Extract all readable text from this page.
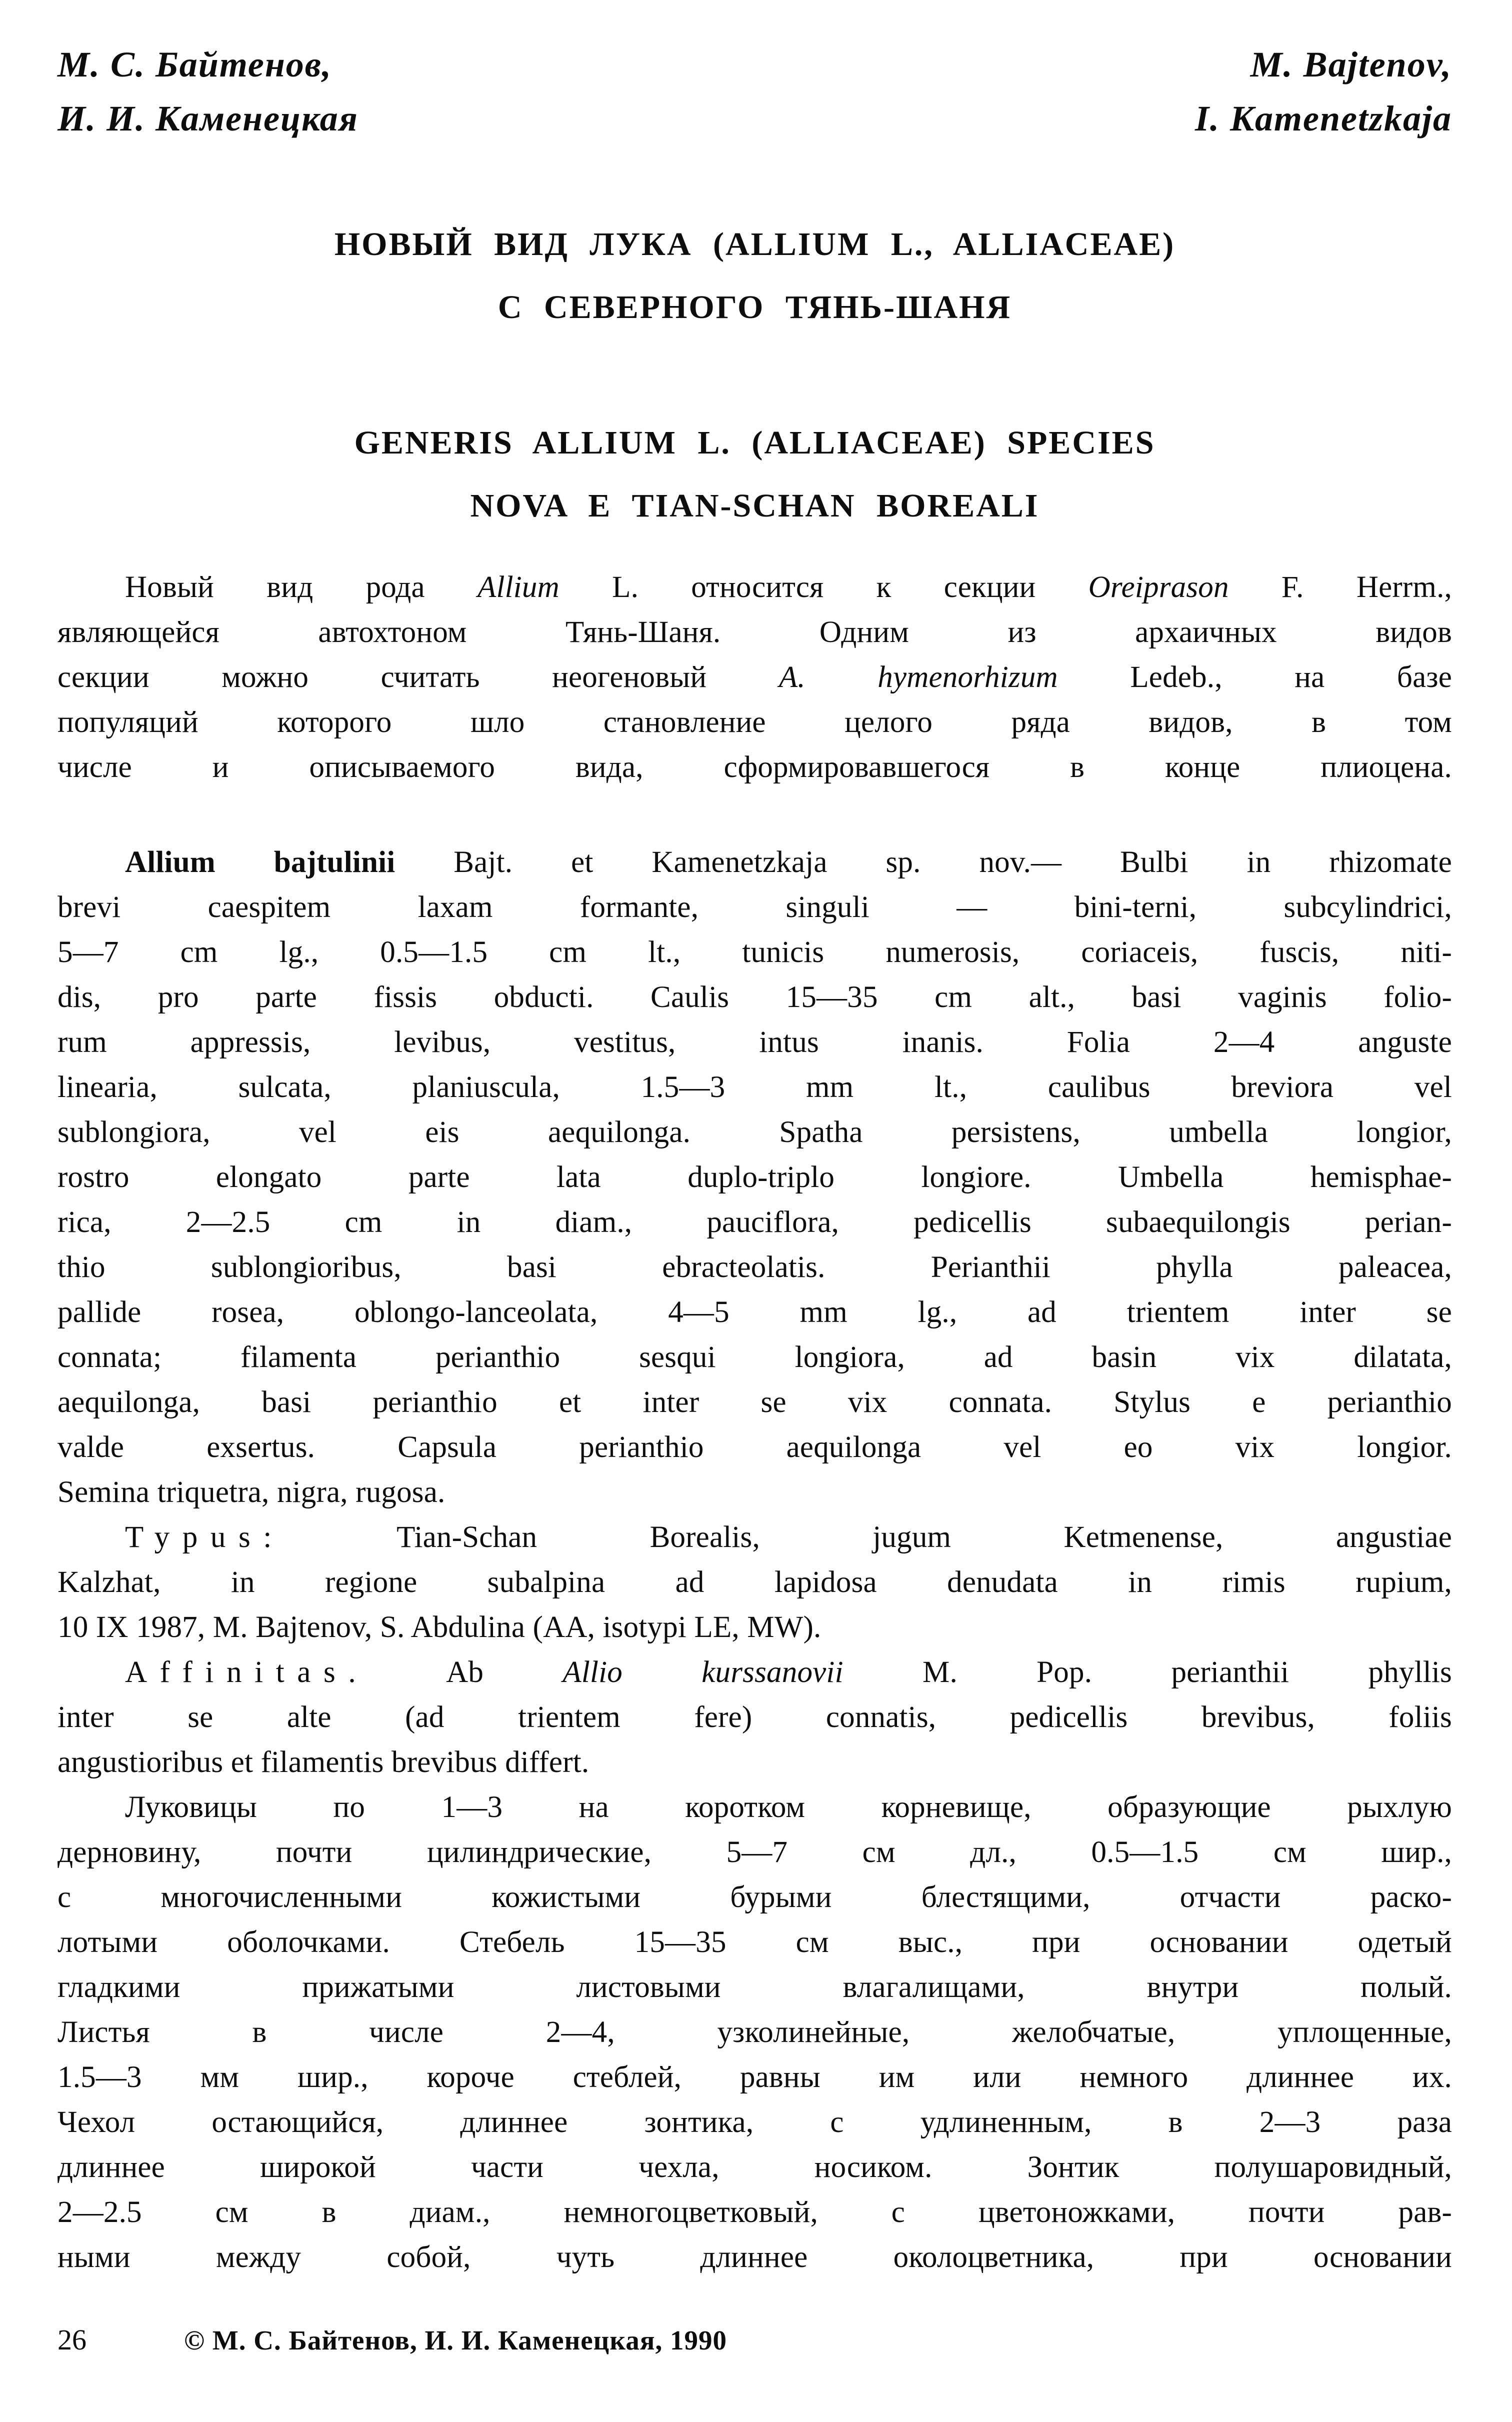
М. С. Байтенов,
И. И. Каменецкая
M. Bajtenov,
I. Kamenetzkaja
НОВЫЙ ВИД ЛУКА (ALLIUM L., ALLIACEAE)
С СЕВЕРНОГО ТЯНЬ-ШАНЯ
GENERIS ALLIUM L. (ALLIACEAE) SPECIES
NOVA E TIAN-SCHAN BOREALI
Новый вид рода Allium L. относится к секции Oreiprason F. Herrm.,
являющейся автохтоном Тянь-Шаня. Одним из архаичных видов
секции можно считать неогеновый A. hymenorhizum Ledeb., на базе
популяций которого шло становление целого ряда видов, в том
числе и описываемого вида, сформировавшегося в конце плиоцена.
Allium bajtulinii Bajt. et Kamenetzkaja sp. nov.— Bulbi in rhizomate
brevi caespitem laxam formante, singuli — bini-terni, subcylindrici,
5—7 cm lg., 0.5—1.5 cm lt., tunicis numerosis, coriaceis, fuscis, niti-
dis, pro parte fissis obducti. Caulis 15—35 cm alt., basi vaginis folio-
rum appressis, levibus, vestitus, intus inanis. Folia 2—4 anguste
linearia, sulcata, planiuscula, 1.5—3 mm lt., caulibus breviora vel
sublongiora, vel eis aequilonga. Spatha persistens, umbella longior,
rostro elongato parte lata duplo-triplo longiore. Umbella hemisphae-
rica, 2—2.5 cm in diam., pauciflora, pedicellis subaequilongis perian-
thio sublongioribus, basi ebracteolatis. Perianthii phylla paleacea,
pallide rosea, oblongo-lanceolata, 4—5 mm lg., ad trientem inter se
connata; filamenta perianthio sesqui longiora, ad basin vix dilatata,
aequilonga, basi perianthio et inter se vix connata. Stylus e perianthio
valde exsertus. Capsula perianthio aequilonga vel eo vix longior.
Semina triquetra, nigra, rugosa.
Typus: Tian-Schan Borealis, jugum Ketmenense, angustiae
Kalzhat, in regione subalpina ad lapidosa denudata in rimis rupium,
10 IX 1987, M. Bajtenov, S. Abdulina (AA, isotypi LE, MW).
Affinitas. Ab Allio kurssanovii M. Pop. perianthii phyllis
inter se alte (ad trientem fere) connatis, pedicellis brevibus, foliis
angustioribus et filamentis brevibus differt.
Луковицы по 1—3 на коротком корневище, образующие рыхлую
дерновину, почти цилиндрические, 5—7 см дл., 0.5—1.5 см шир.,
с многочисленными кожистыми бурыми блестящими, отчасти раско-
лотыми оболочками. Стебель 15—35 см выс., при основании одетый
гладкими прижатыми листовыми влагалищами, внутри полый.
Листья в числе 2—4, узколинейные, желобчатые, уплощенные,
1.5—3 мм шир., короче стеблей, равны им или немного длиннее их.
Чехол остающийся, длиннее зонтика, с удлиненным, в 2—3 раза
длиннее широкой части чехла, носиком. Зонтик полушаровидный,
2—2.5 см в диам., немногоцветковый, с цветоножками, почти рав-
ными между собой, чуть длиннее околоцветника, при основании
26	© М. С. Байтенов, И. И. Каменецкая, 1990
